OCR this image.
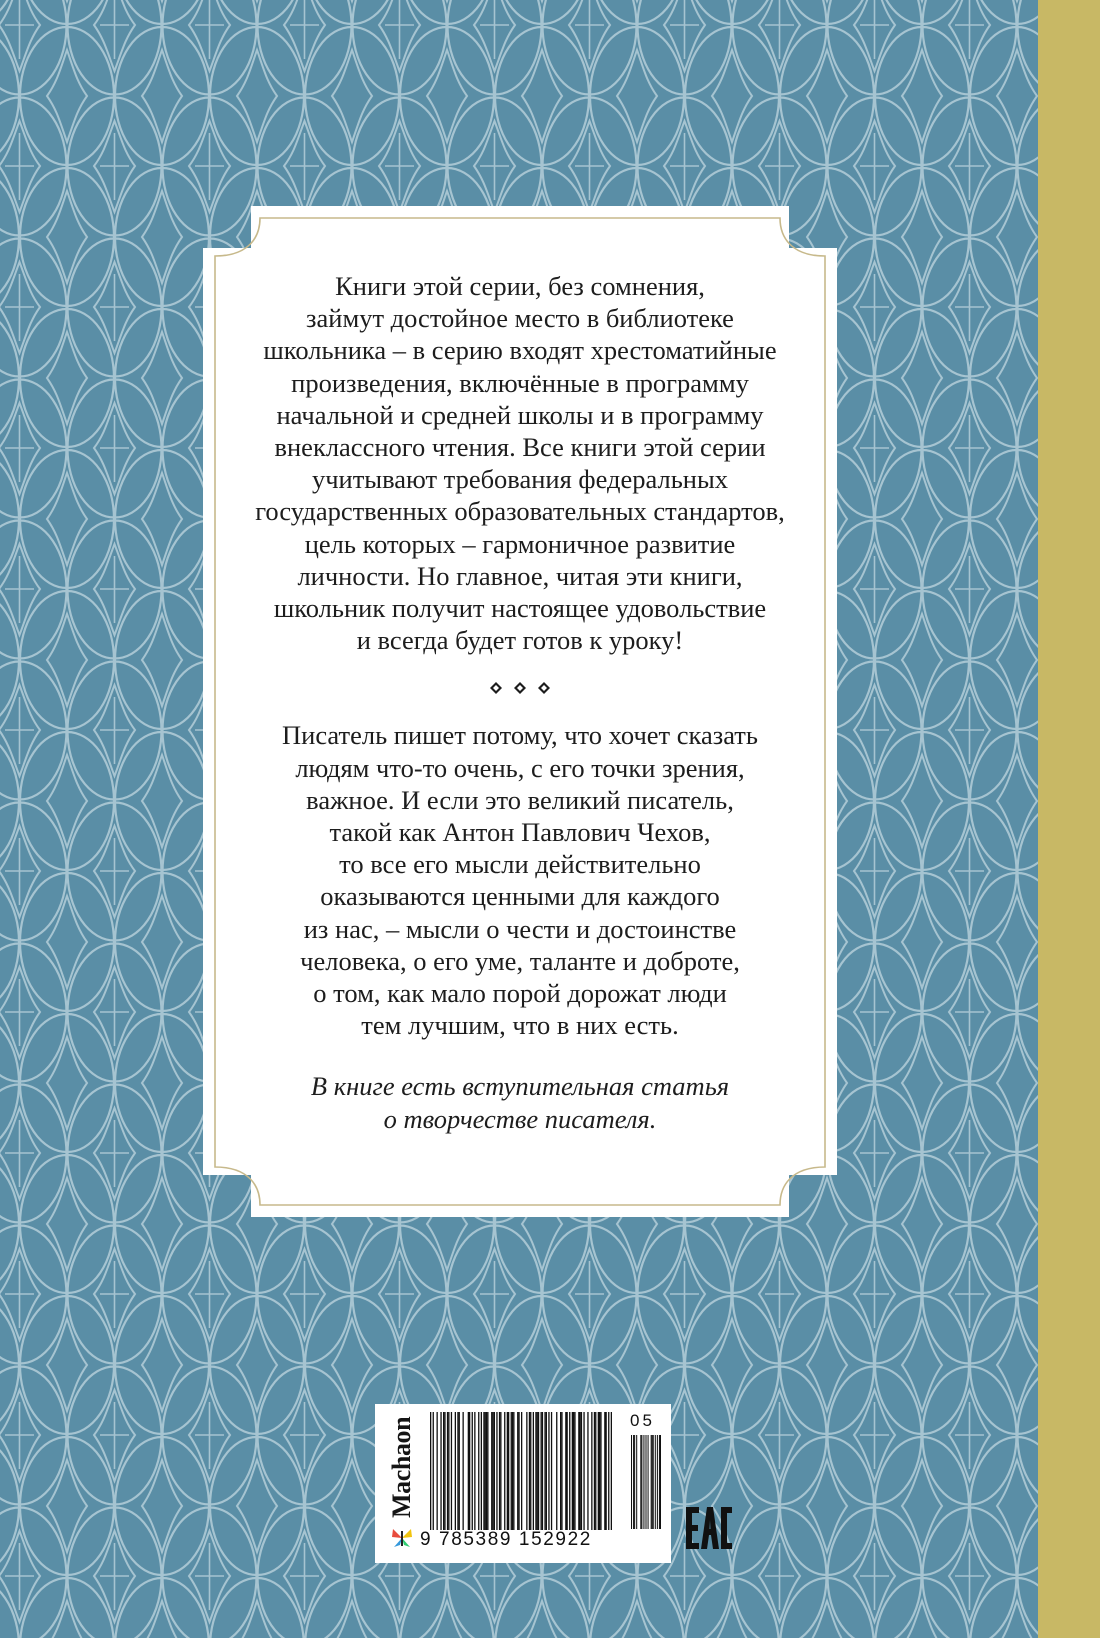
Книги этой серии, без сомнения,
займут достойное место в библиотеке
школьника – в серию входят хрестоматийные
произведения, включённые в программу
начальной и средней школы и в программу
внеклассного чтения. Все книги этой серии
учитывают требования федеральных
государственных образовательных стандартов,
цель которых – гармоничное развитие
личности. Но главное, читая эти книги,
школьник получит настоящее удовольствие
и всегда будет готов к уроку!

Писатель пишет потому, что хочет сказать
людям что-то очень, с его точки зрения,
важное. И если это великий писатель,
такой как Антон Павлович Чехов,
то все его мысли действительно
оказываются ценными для каждого
из нас, – мысли о чести и достоинстве
человека, о его уме, таланте и доброте,
о том, как мало порой дорожат люди
тем лучшим, что в них есть.

В книге есть вступительная статья
о творчестве писателя.

Machaon
9 785389 152922
05
